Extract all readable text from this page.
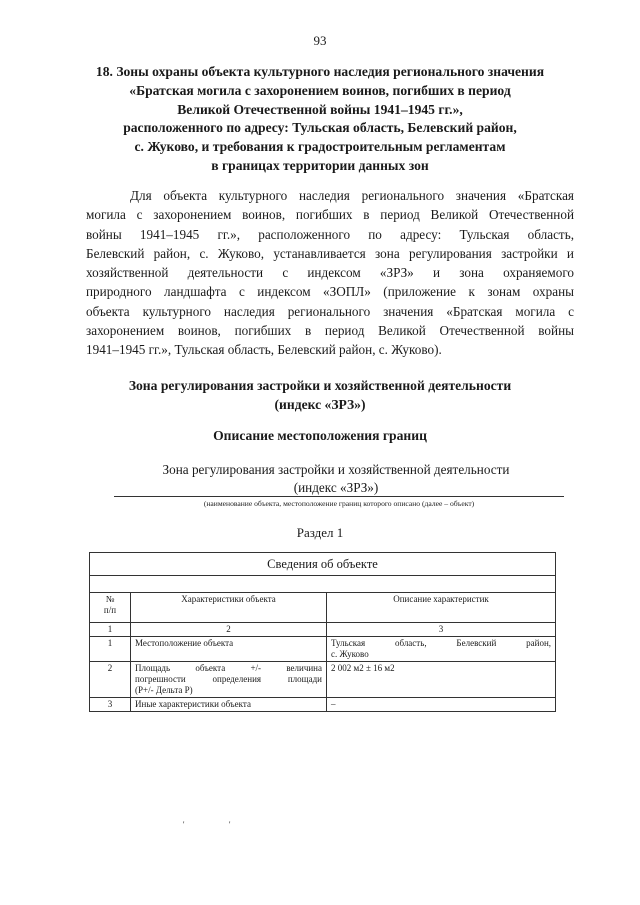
93
18. Зоны охраны объекта культурного наследия регионального значения
«Братская могила с захоронением воинов, погибших в период
Великой Отечественной войны 1941–1945 гг.»,
расположенного по адресу: Тульская область, Белевский район,
с. Жуково, и требования к градостроительным регламентам
в границах территории данных зон
Для объекта культурного наследия регионального значения «Братская
могила с захоронением воинов, погибших в период Великой Отечественной
войны 1941–1945 гг.», расположенного по адресу: Тульская область,
Белевский район, с. Жуково, устанавливается зона регулирования застройки и
хозяйственной деятельности с индексом «ЗРЗ» и зона охраняемого
природного ландшафта с индексом «ЗОПЛ» (приложение к зонам охраны
объекта культурного наследия регионального значения «Братская могила с
захоронением воинов, погибших в период Великой Отечественной войны
1941–1945 гг.», Тульская область, Белевский район, с. Жуково).
Зона регулирования застройки и хозяйственной деятельности
(индекс «ЗРЗ»)
Описание местоположения границ
Зона регулирования застройки и хозяйственной деятельности
(индекс «ЗРЗ»)
(наименование объекта, местоположение границ которого описано (далее – объект)
Раздел 1
Сведения об объекте		

№
п/п	Характеристики объекта	Описание характеристик
1	2	3
1	Местоположение объекта	Тульская область, Белевский район,
с. Жуково

2	Площадь объекта +/- величина
погрешности определения площади
(Р+/- Дельта Р)	2 002 м2 ± 16 м2

3	Иные характеристики объекта	–
'	'
